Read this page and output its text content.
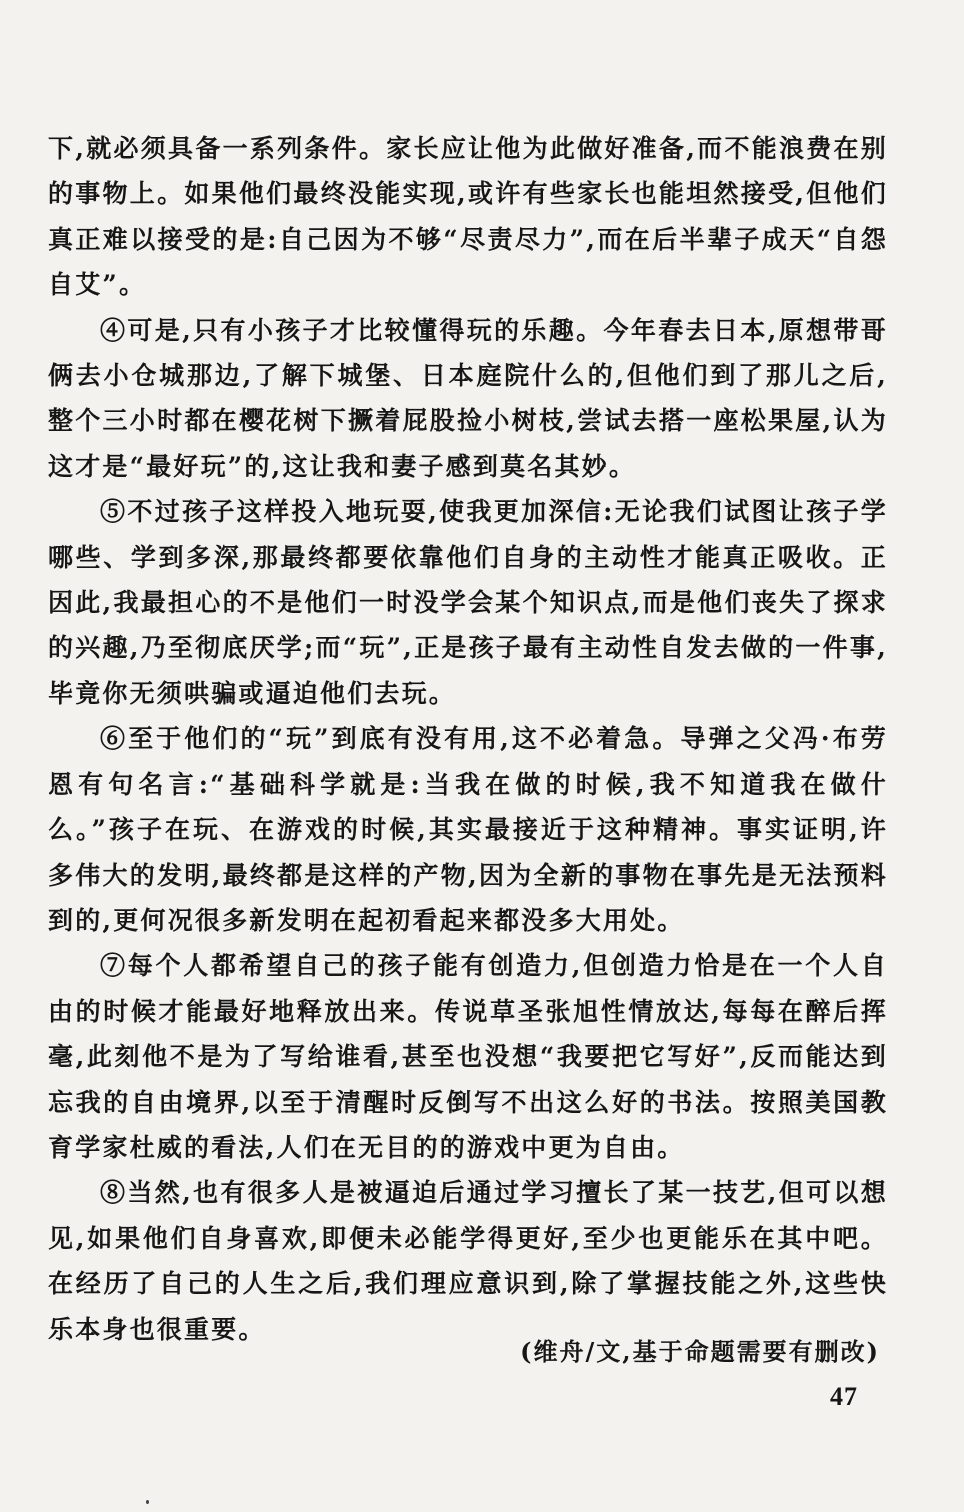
下,就必须具备一系列条件。家长应让他为此做好准备,而不能浪费在别的事物上。如果他们最终没能实现,或许有些家长也能坦然接受,但他们真正难以接受的是:自己因为不够“尽责尽力”,而在后半辈子成天“自怨自艾”。

④可是,只有小孩子才比较懂得玩的乐趣。今年春去日本,原想带哥俩去小仓城那边,了解下城堡、日本庭院什么的,但他们到了那儿之后,整个三小时都在樱花树下撅着屁股捡小树枝,尝试去搭一座松果屋,认为这才是“最好玩”的,这让我和妻子感到莫名其妙。

⑤不过孩子这样投入地玩耍,使我更加深信:无论我们试图让孩子学哪些、学到多深,那最终都要依靠他们自身的主动性才能真正吸收。正因此,我最担心的不是他们一时没学会某个知识点,而是他们丧失了探求的兴趣,乃至彻底厌学;而“玩”,正是孩子最有主动性自发去做的一件事,毕竟你无须哄骗或逼迫他们去玩。

⑥至于他们的“玩”到底有没有用,这不必着急。导弹之父冯·布劳恩有句名言:“基础科学就是:当我在做的时候,我不知道我在做什么。”孩子在玩、在游戏的时候,其实最接近于这种精神。事实证明,许多伟大的发明,最终都是这样的产物,因为全新的事物在事先是无法预料到的,更何况很多新发明在起初看起来都没多大用处。

⑦每个人都希望自己的孩子能有创造力,但创造力恰是在一个人自由的时候才能最好地释放出来。传说草圣张旭性情放达,每每在醉后挥毫,此刻他不是为了写给谁看,甚至也没想“我要把它写好”,反而能达到忘我的自由境界,以至于清醒时反倒写不出这么好的书法。按照美国教育学家杜威的看法,人们在无目的的游戏中更为自由。

⑧当然,也有很多人是被逼迫后通过学习擅长了某一技艺,但可以想见,如果他们自身喜欢,即便未必能学得更好,至少也更能乐在其中吧。在经历了自己的人生之后,我们理应意识到,除了掌握技能之外,这些快乐本身也很重要。

(维舟/文,基于命题需要有删改)
47
